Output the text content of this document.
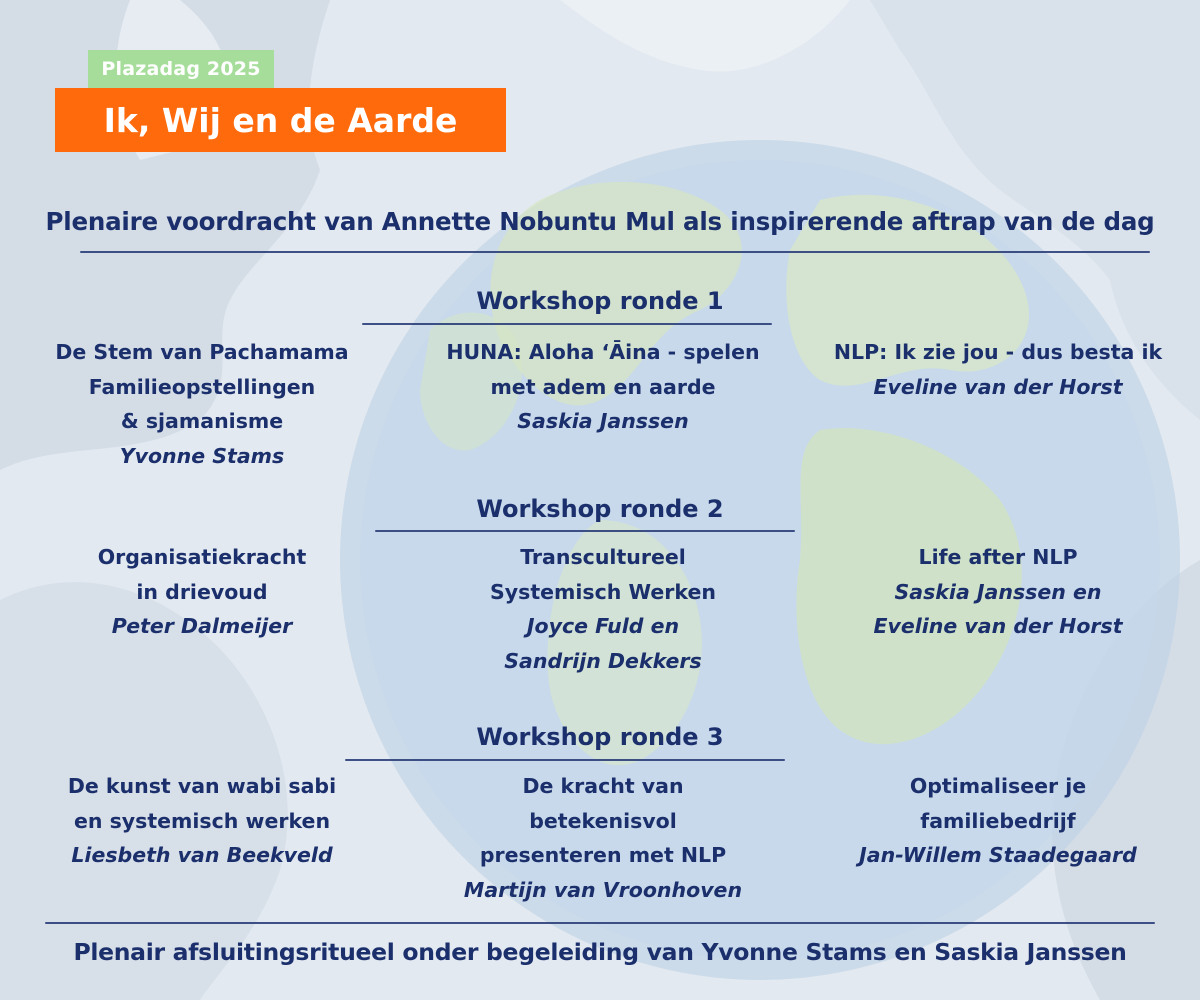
Plazadag 2025
Ik, Wij en de Aarde
Plenaire voordracht van Annette Nobuntu Mul als inspirerende aftrap van de dag
Workshop ronde 1
De Stem van Pachamama
Familieopstellingen
& sjamanisme
Yvonne Stams
HUNA: Aloha ‘Āina - spelen
met adem en aarde
Saskia Janssen
NLP: Ik zie jou - dus besta ik
Eveline van der Horst
Workshop ronde 2
Organisatiekracht
in drievoud
Peter Dalmeijer
Transcultureel
Systemisch Werken
Joyce Fuld en
Sandrijn Dekkers
Life after NLP
Saskia Janssen en
Eveline van der Horst
Workshop ronde 3
De kunst van wabi sabi
en systemisch werken
Liesbeth van Beekveld
De kracht van
betekenisvol
presenteren met NLP
Martijn van Vroonhoven
Optimaliseer je
familiebedrijf
Jan-Willem Staadegaard
Plenair afsluitingsritueel onder begeleiding van Yvonne Stams en Saskia Janssen
